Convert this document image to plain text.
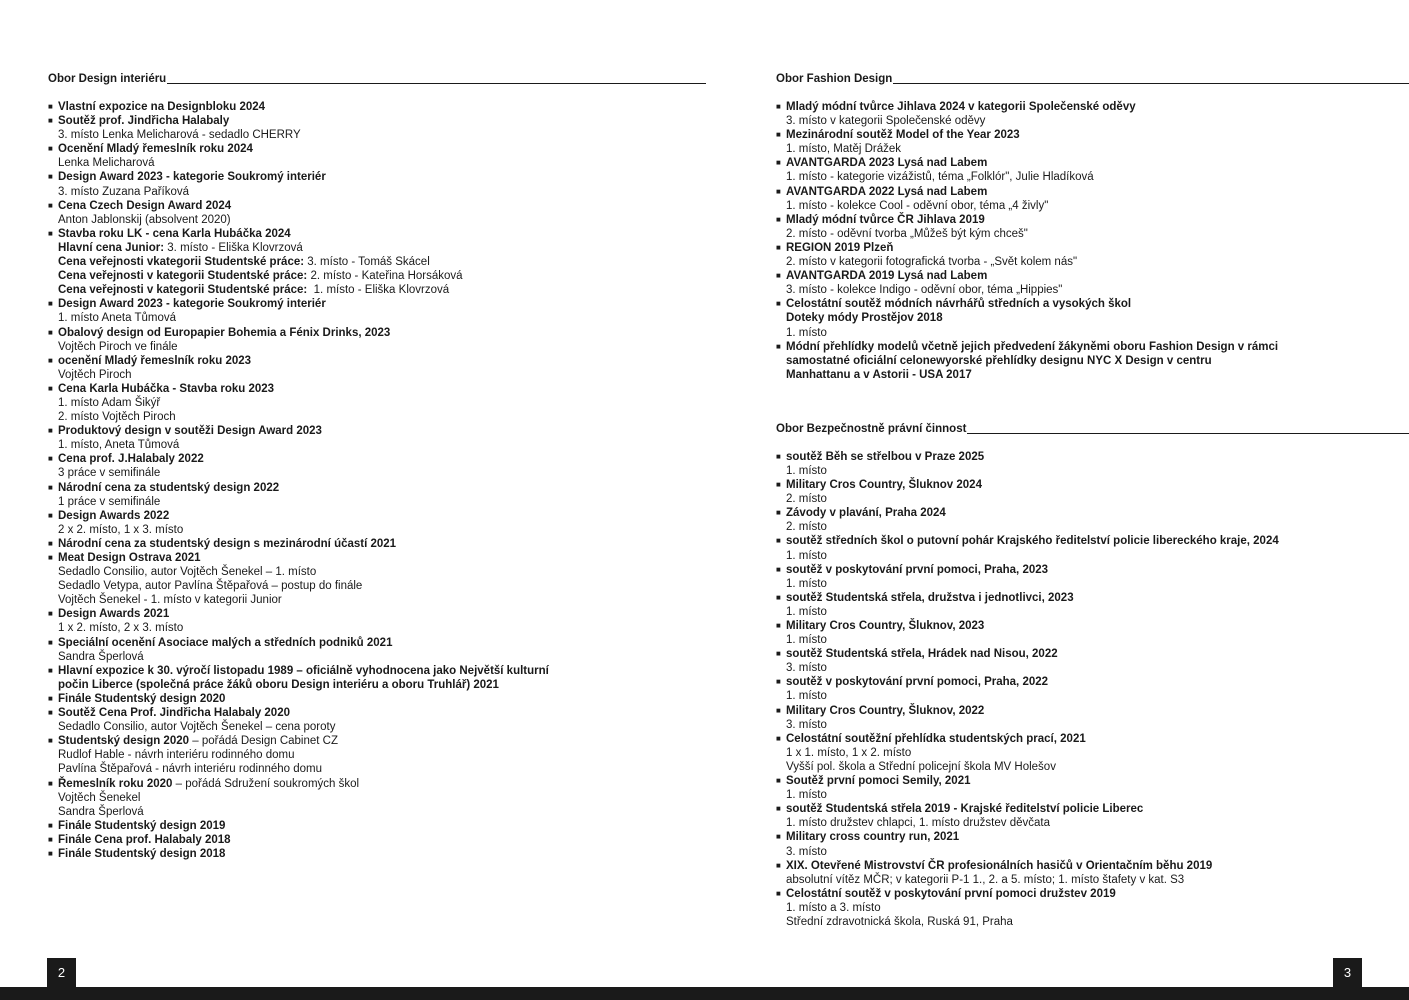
Obor Design interiéru
■ Vlastní expozice na Designbloku 2024
■ Soutěž prof. Jindřicha Halabaly
3. místo Lenka Melicharová - sedadlo CHERRY
■ Ocenění Mladý řemeslník roku 2024
Lenka Melicharová
■ Design Award 2023 - kategorie Soukromý interiér
3. místo Zuzana Paříková
■ Cena Czech Design Award 2024
Anton Jablonskij (absolvent 2020)
■ Stavba roku LK - cena Karla Hubáčka 2024
Hlavní cena Junior: 3. místo - Eliška Klovrzová
Cena veřejnosti vkategorii Studentské práce: 3. místo - Tomáš Skácel
Cena veřejnosti v kategorii Studentské práce: 2. místo - Kateřina Horsáková
Cena veřejnosti v kategorii Studentské práce:  1. místo - Eliška Klovrzová
■ Design Award 2023 - kategorie Soukromý interiér
1. místo Aneta Tůmová
■ Obalový design od Europapier Bohemia a Fénix Drinks, 2023
Vojtěch Piroch ve finále
■ ocenění Mladý řemeslník roku 2023
Vojtěch Piroch
■ Cena Karla Hubáčka - Stavba roku 2023
1. místo Adam Šikýř
2. místo Vojtěch Piroch
■ Produktový design v soutěži Design Award 2023
1. místo, Aneta Tůmová
■ Cena prof. J.Halabaly 2022
3 práce v semifinále
■ Národní cena za studentský design 2022
1 práce v semifinále
■ Design Awards 2022
2 x 2. místo, 1 x 3. místo
■ Národní cena za studentský design s mezinárodní účastí 2021
■ Meat Design Ostrava 2021
Sedadlo Consilio, autor Vojtěch Šenekel – 1. místo
Sedadlo Vetypa, autor Pavlína Štěpařová – postup do finále
Vojtěch Šenekel - 1. místo v kategorii Junior
■ Design Awards 2021
1 x 2. místo, 2 x 3. místo
■ Speciální ocenění Asociace malých a středních podniků 2021
Sandra Šperlová
■ Hlavní expozice k 30. výročí listopadu 1989 – oficiálně vyhodnocena jako Největší kulturní
počin Liberce (společná práce žáků oboru Design interiéru a oboru Truhlář) 2021
■ Finále Studentský design 2020
■ Soutěž Cena Prof. Jindřicha Halabaly 2020
Sedadlo Consilio, autor Vojtěch Šenekel – cena poroty
■ Studentský design 2020 – pořádá Design Cabinet CZ
Rudlof Hable - návrh interiéru rodinného domu
Pavlína Štěpařová - návrh interiéru rodinného domu
■ Řemeslník roku 2020 – pořádá Sdružení soukromých škol
Vojtěch Šenekel
Sandra Šperlová
■ Finále Studentský design 2019
■ Finále Cena prof. Halabaly 2018
■ Finále Studentský design 2018
Obor Fashion Design
■ Mladý módní tvůrce Jihlava 2024 v kategorii Společenské oděvy
3. místo v kategorii Společenské oděvy
■ Mezinárodní soutěž Model of the Year 2023
1. místo, Matěj Drážek
■ AVANTGARDA 2023 Lysá nad Labem
1. místo - kategorie vizážistů, téma „Folklór", Julie Hladíková
■ AVANTGARDA 2022 Lysá nad Labem
1. místo - kolekce Cool - oděvní obor, téma „4 živly"
■ Mladý módní tvůrce ČR Jihlava 2019
2. místo - oděvní tvorba „Můžeš být kým chceš"
■ REGION 2019 Plzeň
2. místo v kategorii fotografická tvorba - „Svět kolem nás"
■ AVANTGARDA 2019 Lysá nad Labem
3. místo - kolekce Indigo - oděvní obor, téma „Hippies"
■ Celostátní soutěž módních návrhářů středních a vysokých škol
Doteky módy Prostějov 2018
1. místo
■ Módní přehlídky modelů včetně jejich předvedení žákyněmi oboru Fashion Design v rámci
samostatné oficiální celonewyorské přehlídky designu NYC X Design v centru
Manhattanu a v Astorii - USA 2017
Obor Bezpečnostně právní činnost
■ soutěž Běh se střelbou v Praze 2025
1. místo
■ Military Cros Country, Šluknov 2024
2. místo
■ Závody v plavání, Praha 2024
2. místo
■ soutěž středních škol o putovní pohár Krajského ředitelství policie libereckého kraje, 2024
1. místo
■ soutěž v poskytování první pomoci, Praha, 2023
1. místo
■ soutěž Studentská střela, družstva i jednotlivci, 2023
1. místo
■ Military Cros Country, Šluknov, 2023
1. místo
■ soutěž Studentská střela, Hrádek nad Nisou, 2022
3. místo
■ soutěž v poskytování první pomoci, Praha, 2022
1. místo
■ Military Cros Country, Šluknov, 2022
3. místo
■ Celostátní soutěžní přehlídka studentských prací, 2021
1 x 1. místo, 1 x 2. místo
Vyšší pol. škola a Střední policejní škola MV Holešov
■ Soutěž první pomoci Semily, 2021
1. místo
■ soutěž Studentská střela 2019 - Krajské ředitelství policie Liberec
1. místo družstev chlapci, 1. místo družstev děvčata
■ Military cross country run, 2021
3. místo
■ XIX. Otevřené Mistrovství ČR profesionálních hasičů v Orientačním běhu 2019
absolutní vítěz MČR; v kategorii P-1 1., 2. a 5. místo; 1. místo štafety v kat. S3
■ Celostátní soutěž v poskytování první pomoci družstev 2019
1. místo a 3. místo
Střední zdravotnická škola, Ruská 91, Praha
2	3
